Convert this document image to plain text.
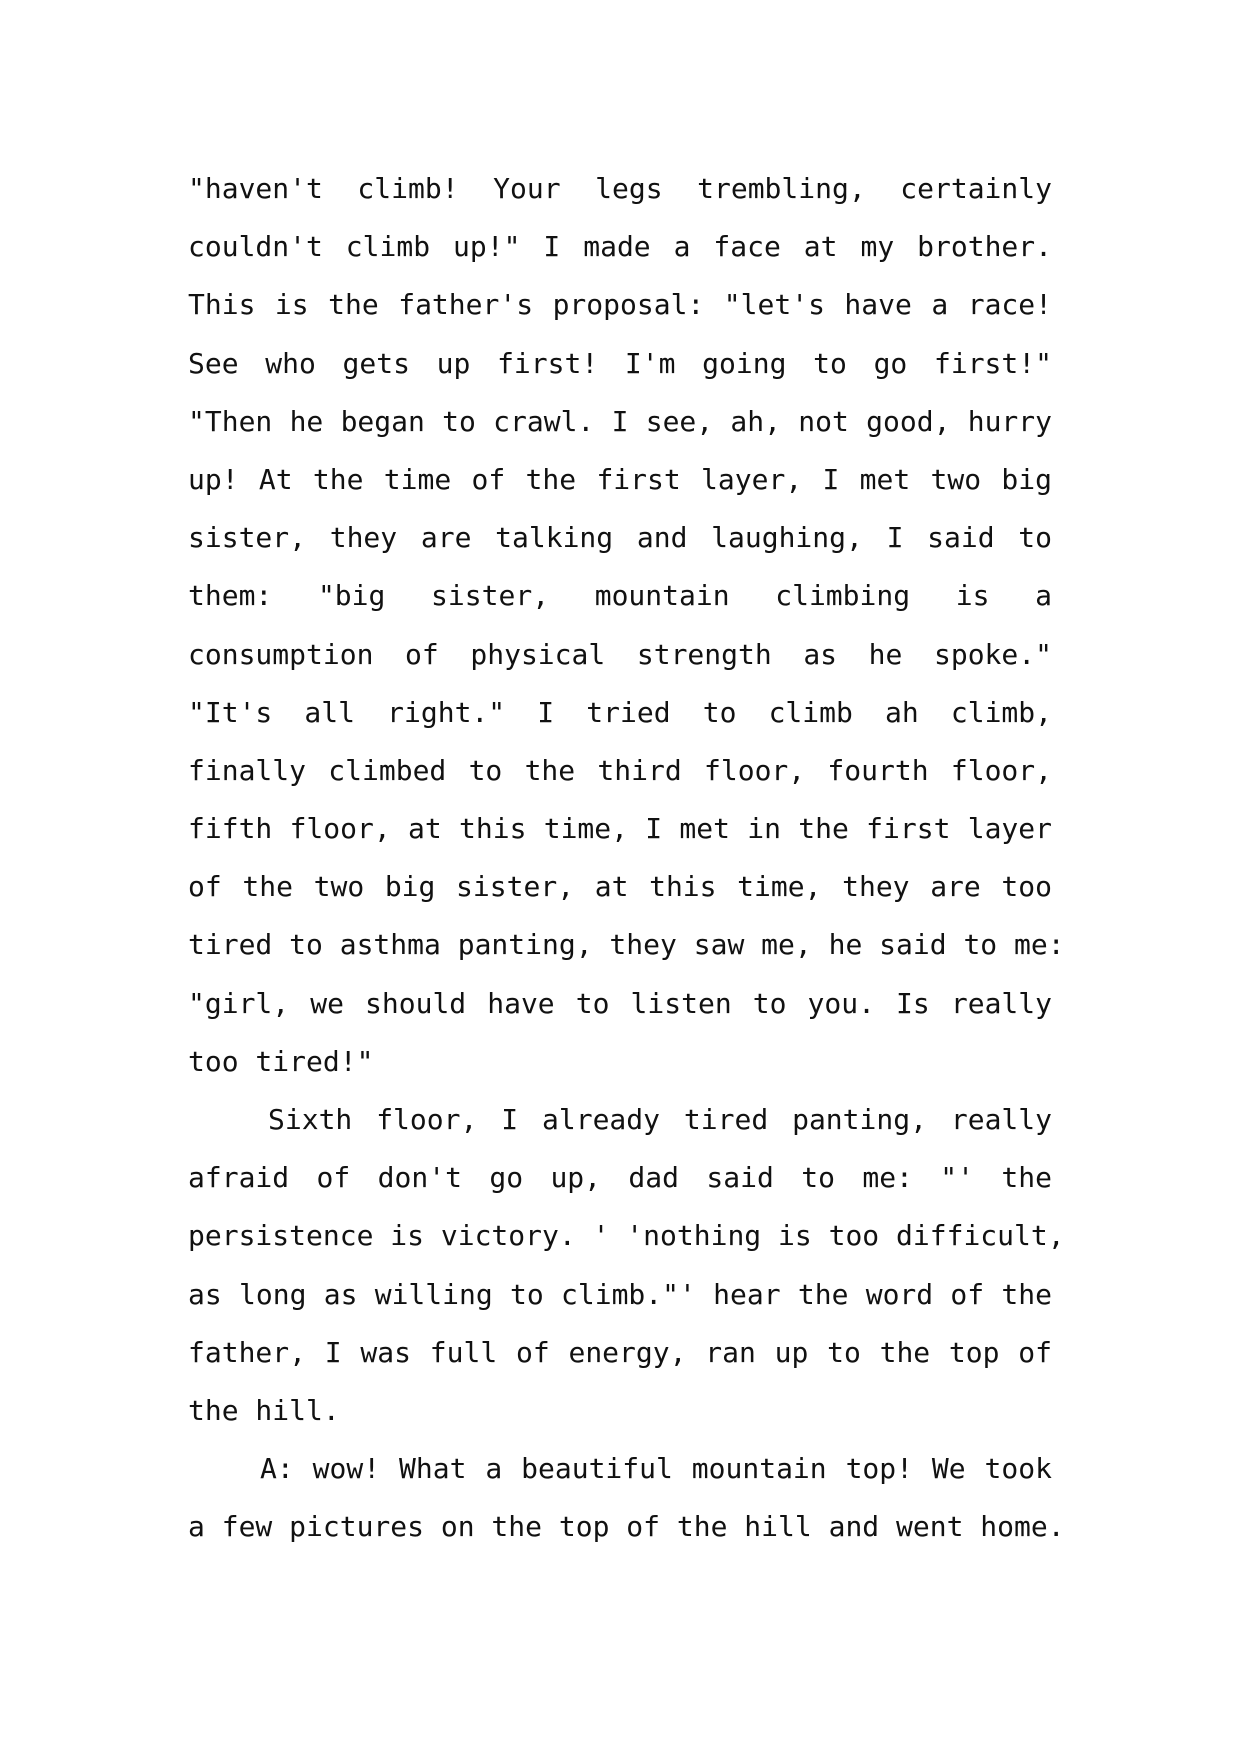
"haven't climb! Your legs trembling, certainly
couldn't climb up!" I made a face at my brother.
This is the father's proposal: "let's have a race!
See who gets up first! I'm going to go first!"
"Then he began to crawl. I see, ah, not good, hurry
up! At the time of the first layer, I met two big
sister, they are talking and laughing, I said to
them: "big sister, mountain climbing is a
consumption of physical strength as he spoke."
"It's all right." I tried to climb ah climb,
finally climbed to the third floor, fourth floor,
fifth floor, at this time, I met in the first layer
of the two big sister, at this time, they are too
tired to asthma panting, they saw me, he said to me:
"girl, we should have to listen to you. Is really
too tired!"
Sixth floor, I already tired panting, really
afraid of don't go up, dad said to me: "' the
persistence is victory. ' 'nothing is too difficult,
as long as willing to climb."' hear the word of the
father, I was full of energy, ran up to the top of
the hill.
A: wow! What a beautiful mountain top! We took
a few pictures on the top of the hill and went home.
